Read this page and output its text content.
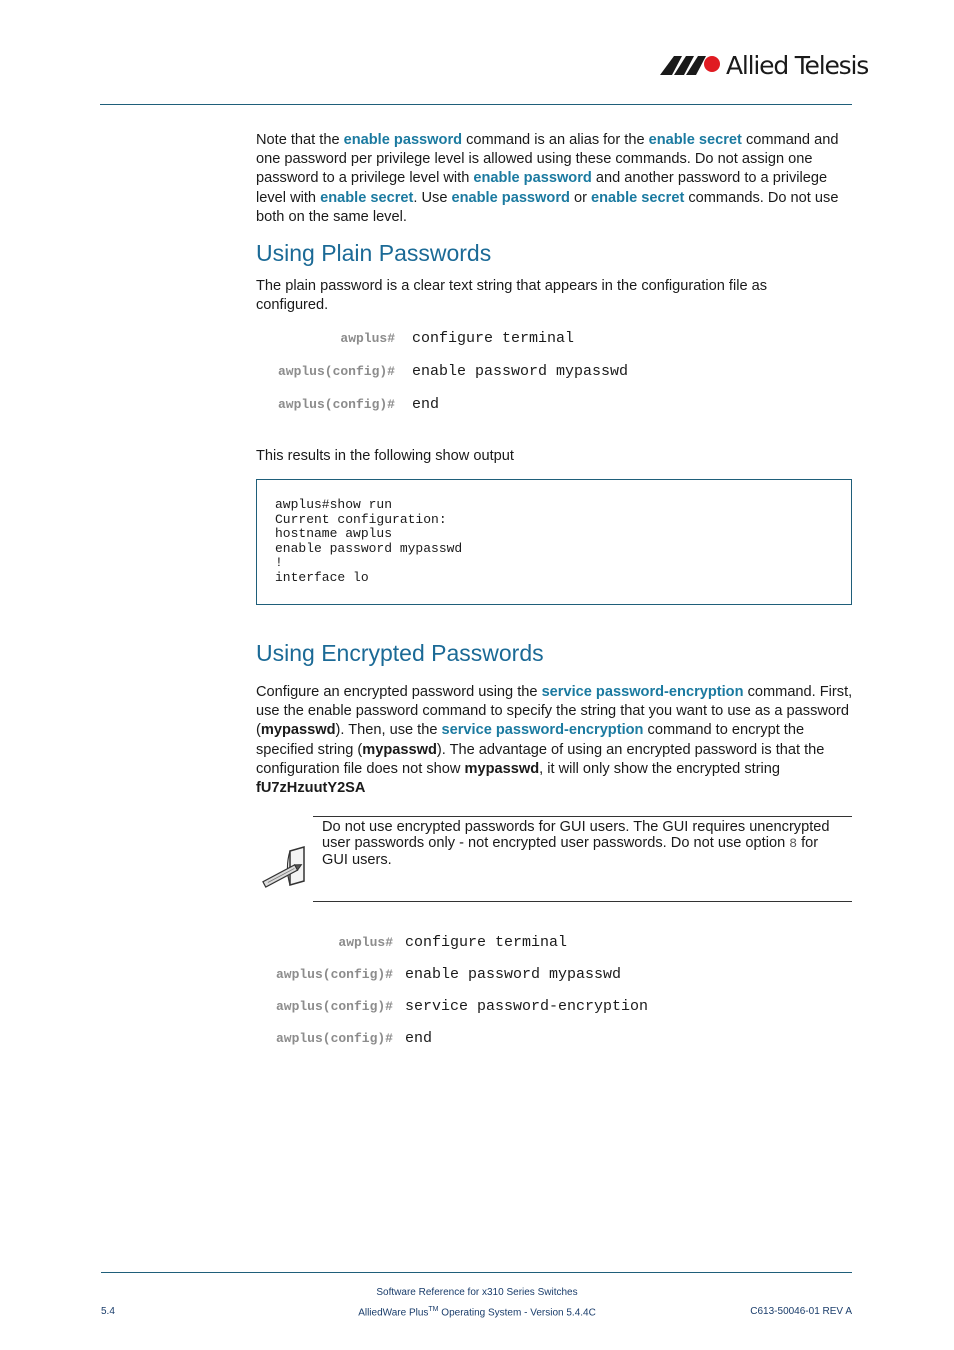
Allied Telesis
Note that the enable password command is an alias for the enable secret command and one password per privilege level is allowed using these commands. Do not assign one password to a privilege level with enable password and another password to a privilege level with enable secret. Use enable password or enable secret commands. Do not use both on the same level.
Using Plain Passwords
The plain password is a clear text string that appears in the configuration file as configured.
awplus# configure terminal
awplus(config)# enable password mypasswd
awplus(config)# end
This results in the following show output
awplus#show run
Current configuration:
hostname awplus
enable password mypasswd
!
interface lo
Using Encrypted Passwords
Configure an encrypted password using the service password-encryption command. First, use the enable password command to specify the string that you want to use as a password (mypasswd). Then, use the service password-encryption command to encrypt the specified string (mypasswd). The advantage of using an encrypted password is that the configuration file does not show mypasswd, it will only show the encrypted string fU7zHzuutY2SA
Do not use encrypted passwords for GUI users. The GUI requires unencrypted user passwords only - not encrypted user passwords. Do not use option 8 for GUI users.
awplus# configure terminal
awplus(config)# enable password mypasswd
awplus(config)# service password-encryption
awplus(config)# end
Software Reference for x310 Series Switches
5.4	AlliedWare Plus™ Operating System - Version 5.4.4C	C613-50046-01 REV A
